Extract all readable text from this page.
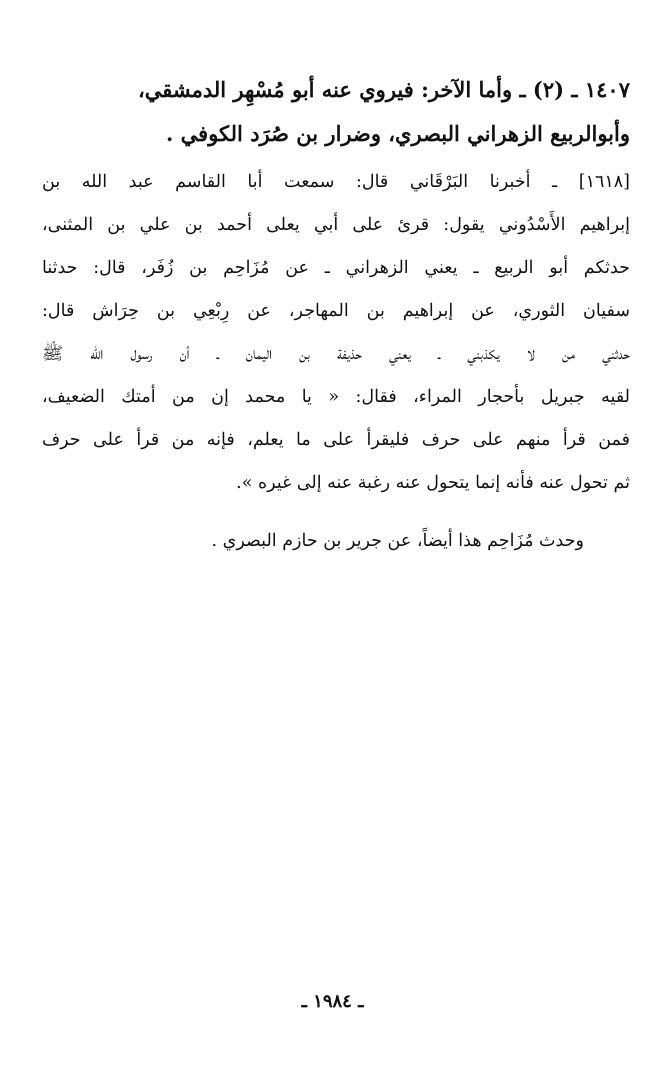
١٤٠٧ ـ (٢) ـ وأما الآخر: فيروي عنه أبو مُسْهِر الدمشقي،
وأبوالربيع الزهراني البصري، وضرار بن صُرَد الكوفي .
[١٦١٨] ـ أخبرنا البَرْقَاني قال: سمعت أبا القاسم عبد الله بن
إبراهيم الأَسْدُوني يقول: قرئ على أبي يعلى أحمد بن علي بن المثنى،
حدثكم أبو الربيع ـ يعني الزهراني ـ عن مُزَاحِم بن زُفَر، قال: حدثنا
سفيان الثوري، عن إبراهيم بن المهاجر، عن رِبْعِي بن حِرَاش قال:
حدثني من لا يكذبني ـ يعني حذيفة بن اليمان ـ أن رسول الله ﷺ
لقيه جبريل بأحجار المراء، فقال: « يا محمد إن من أمتك الضعيف،
فمن قرأ منهم على حرف فليقرأ على ما يعلم، فإنه من قرأ على حرف
ثم تحول عنه فأنه إنما يتحول عنه رغبة عنه إلى غيره ».
وحدث مُزَاحِم هذا أيضاً، عن جرير بن حازم البصري .
ـ ١٩٨٤ ـ
